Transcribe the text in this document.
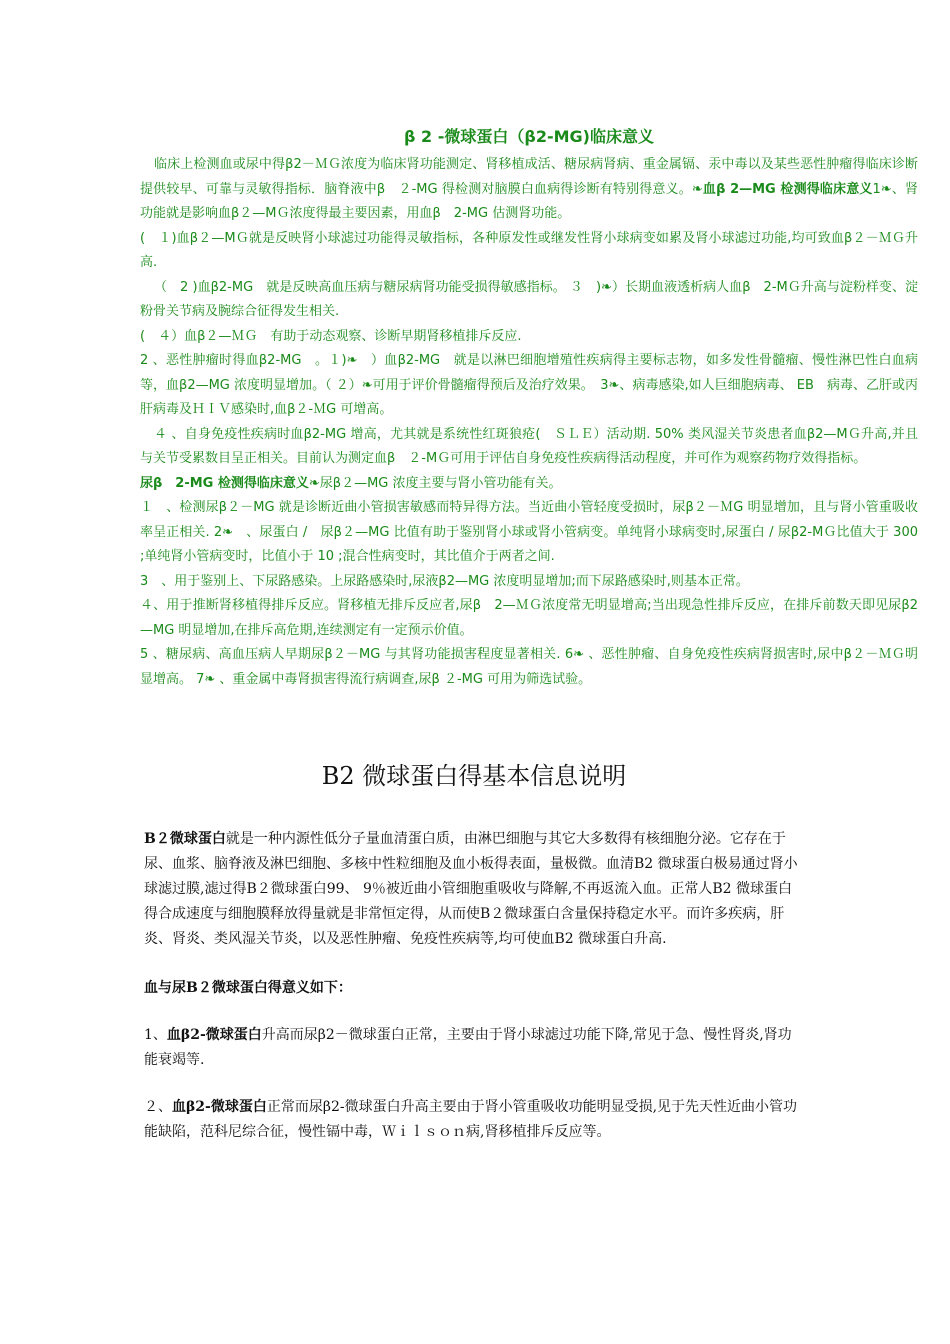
β 2 -微球蛋白（β2-MG)临床意义

临床上检测血或尿中得β2－ＭＧ浓度为临床肾功能测定、肾移植成活、糖尿病肾病、重金属镉、汞中毒以及某些恶性肿瘤得临床诊断提供较早、可靠与灵敏得指标．脑脊液中β　２-MG 得检测对脑膜白血病得诊断有特别得意义。❧血β 2—MG 检测得临床意义1❧、肾功能就是影响血β２—MＧ浓度得最主要因素，用血β　2-MG 估测肾功能。

(　１)血β２—MＧ就是反映肾小球滤过功能得灵敏指标，各种原发性或继发性肾小球病变如累及肾小球滤过功能,均可致血β２－ＭＧ升高.

（　2 )血β2-MG　就是反映高血压病与糖尿病肾功能受损得敏感指标。 ３　)❧）长期血液透析病人血β　2-MＧ升高与淀粉样变、淀粉骨关节病及腕综合征得发生相关.

(　４）血β２—ＭＧ　有助于动态观察、诊断早期肾移植排斥反应.

2 、恶性肿瘤时得血β2-MG　。１)❧　）血β2-MG　就是以淋巴细胞增殖性疾病得主要标志物，如多发性骨髓瘤、慢性淋巴性白血病等，血β2—MG 浓度明显增加。（ ２）❧可用于评价骨髓瘤得预后及治疗效果。　3❧、病毒感染,如人巨细胞病毒、 EB　病毒、乙肝或丙肝病毒及ＨＩＶ感染时,血β２-ＭG 可增高。

４ 、自身免疫性疾病时血β2-MG 增高，尤其就是系统性红斑狼疮(　ＳＬＥ）活动期. 50% 类风湿关节炎患者血β2—MＧ升高,并且与关节受累数目呈正相关。目前认为测定血β　２-MＧ可用于评估自身免疫性疾病得活动程度，并可作为观察药物疗效得指标。

尿β　2-MG 检测得临床意义❧尿β２—MG 浓度主要与肾小管功能有关。

１　、检测尿β２－MG 就是诊断近曲小管损害敏感而特异得方法。当近曲小管轻度受损时，尿β２－ＭG 明显增加，且与肾小管重吸收率呈正相关. 2❧　、尿蛋白 /　尿β２—MG 比值有助于鉴别肾小球或肾小管病变。单纯肾小球病变时,尿蛋白 / 尿β2-MＧ比值大于 300 ;单纯肾小管病变时，比值小于 10 ;混合性病变时，其比值介于两者之间.

3　、用于鉴别上、下尿路感染。上尿路感染时,尿液β2—MG 浓度明显增加;而下尿路感染时,则基本正常。

４、用于推断肾移植得排斥反应。肾移植无排斥反应者,尿β　2—ＭＧ浓度常无明显增高;当出现急性排斥反应，在排斥前数天即见尿β2—MG 明显增加,在排斥高危期,连续测定有一定预示价值。

5 、糖尿病、高血压病人早期尿β２－MG 与其肾功能损害程度显著相关. 6❧ 、恶性肿瘤、自身免疫性疾病肾损害时,尿中β２－ＭＧ明显增高。 7❧ 、重金属中毒肾损害得流行病调查,尿β ２-MG 可用为筛选试验。

B2 微球蛋白得基本信息说明

Β２微球蛋白就是一种内源性低分子量血清蛋白质，由淋巴细胞与其它大多数得有核细胞分泌。它存在于尿、血浆、脑脊液及淋巴细胞、多核中性粒细胞及血小板得表面，量极微。血清B2 微球蛋白极易通过肾小球滤过膜,滤过得Β２微球蛋白99、 9％被近曲小管细胞重吸收与降解,不再返流入血。正常人B2 微球蛋白得合成速度与细胞膜释放得量就是非常恒定得，从而使Β２微球蛋白含量保持稳定水平。而许多疾病，肝炎、肾炎、类风湿关节炎，以及恶性肿瘤、免疫性疾病等,均可使血B2 微球蛋白升高.

血与尿Β２微球蛋白得意义如下：

1、血β2-微球蛋白升高而尿β2－微球蛋白正常，主要由于肾小球滤过功能下降,常见于急、慢性肾炎,肾功能衰竭等.

２、血β2-微球蛋白正常而尿β2-微球蛋白升高主要由于肾小管重吸收功能明显受损,见于先天性近曲小管功能缺陷，范科尼综合征，慢性镉中毒，Ｗｉｌｓｏｎ病,肾移植排斥反应等。
